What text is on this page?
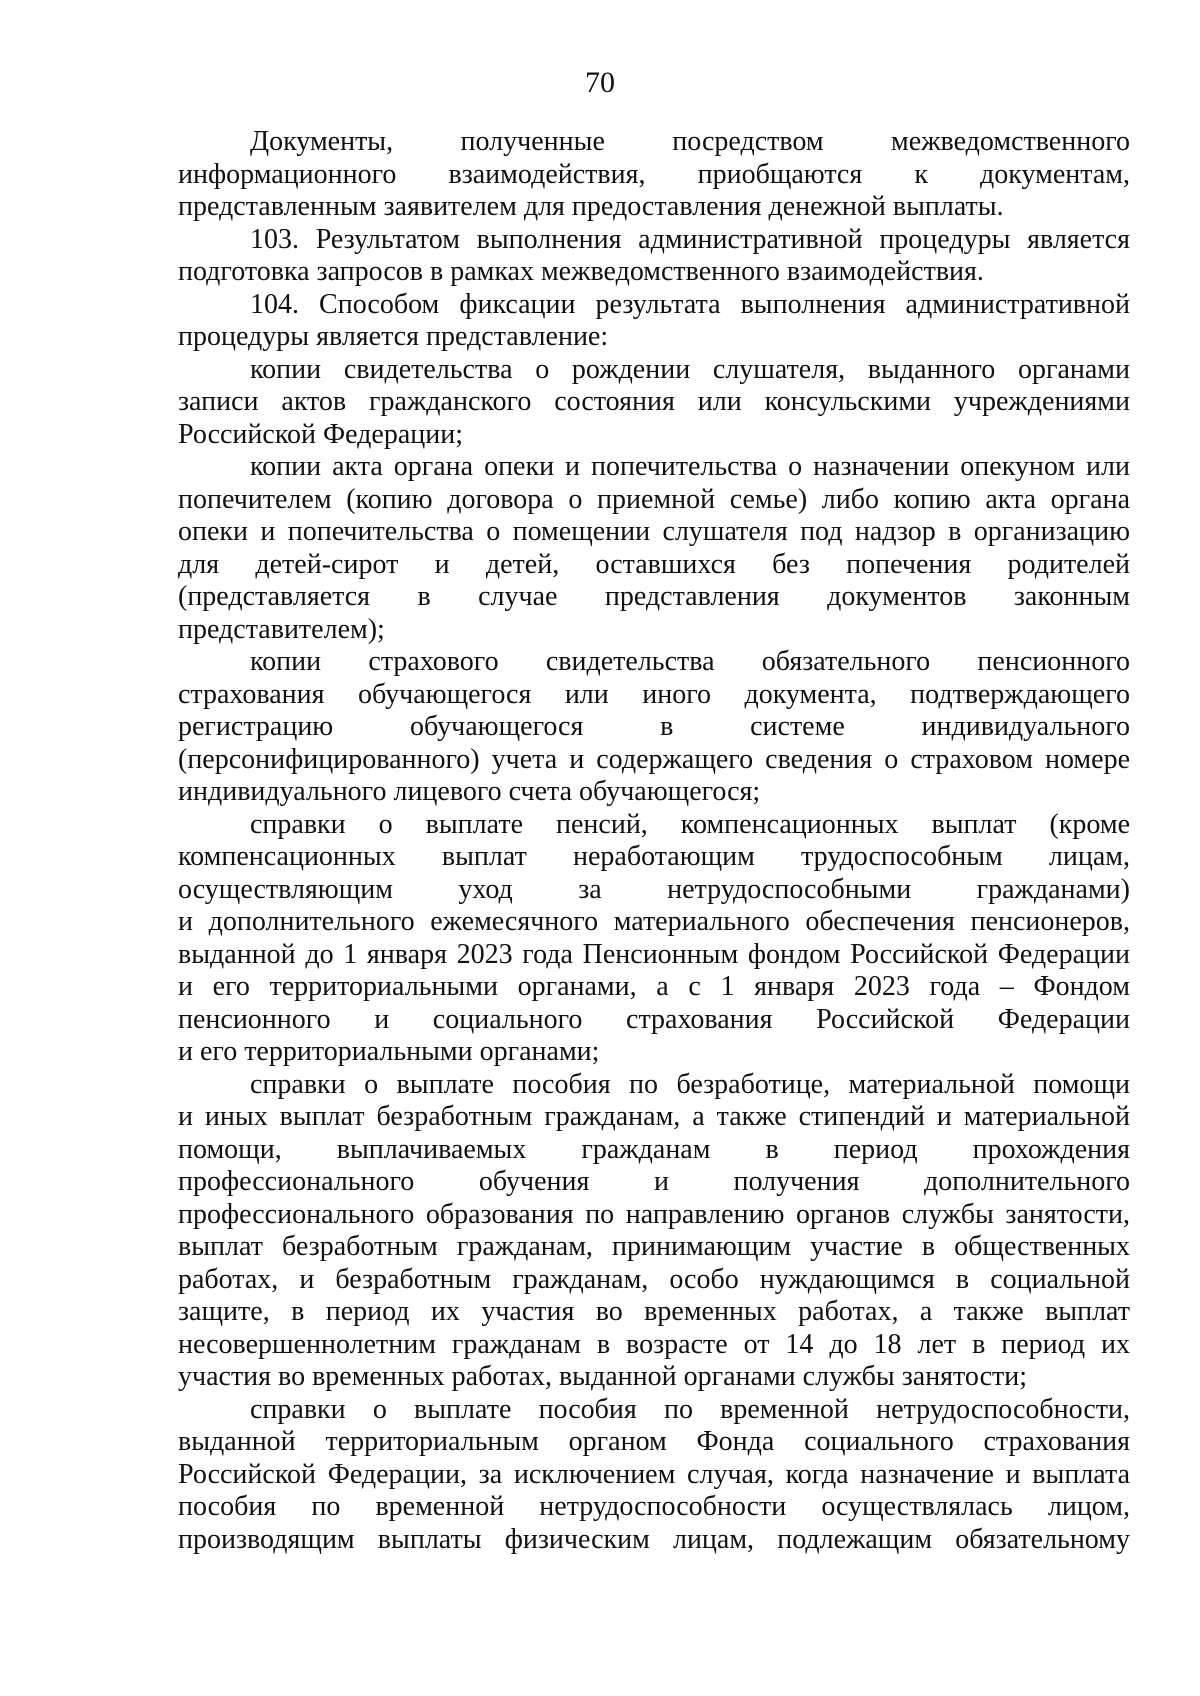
70
Документы, полученные посредством межведомственного
информационного взаимодействия, приобщаются к документам,
представленным заявителем для предоставления денежной выплаты.
103. Результатом выполнения административной процедуры является
подготовка запросов в рамках межведомственного взаимодействия.
104. Способом фиксации результата выполнения административной
процедуры является представление:
копии свидетельства о рождении слушателя, выданного органами
записи актов гражданского состояния или консульскими учреждениями
Российской Федерации;
копии акта органа опеки и попечительства о назначении опекуном или
попечителем (копию договора о приемной семье) либо копию акта органа
опеки и попечительства о помещении слушателя под надзор в организацию
для детей-сирот и детей, оставшихся без попечения родителей
(представляется в случае представления документов законным
представителем);
копии страхового свидетельства обязательного пенсионного
страхования обучающегося или иного документа, подтверждающего
регистрацию обучающегося в системе индивидуального
(персонифицированного) учета и содержащего сведения о страховом номере
индивидуального лицевого счета обучающегося;
справки о выплате пенсий, компенсационных выплат (кроме
компенсационных выплат неработающим трудоспособным лицам,
осуществляющим уход за нетрудоспособными гражданами)
и дополнительного ежемесячного материального обеспечения пенсионеров,
выданной до 1 января 2023 года Пенсионным фондом Российской Федерации
и его территориальными органами, а с 1 января 2023 года – Фондом
пенсионного и социального страхования Российской Федерации
и его территориальными органами;
справки о выплате пособия по безработице, материальной помощи
и иных выплат безработным гражданам, а также стипендий и материальной
помощи, выплачиваемых гражданам в период прохождения
профессионального обучения и получения дополнительного
профессионального образования по направлению органов службы занятости,
выплат безработным гражданам, принимающим участие в общественных
работах, и безработным гражданам, особо нуждающимся в социальной
защите, в период их участия во временных работах, а также выплат
несовершеннолетним гражданам в возрасте от 14 до 18 лет в период их
участия во временных работах, выданной органами службы занятости;
справки о выплате пособия по временной нетрудоспособности,
выданной территориальным органом Фонда социального страхования
Российской Федерации, за исключением случая, когда назначение и выплата
пособия по временной нетрудоспособности осуществлялась лицом,
производящим выплаты физическим лицам, подлежащим обязательному
